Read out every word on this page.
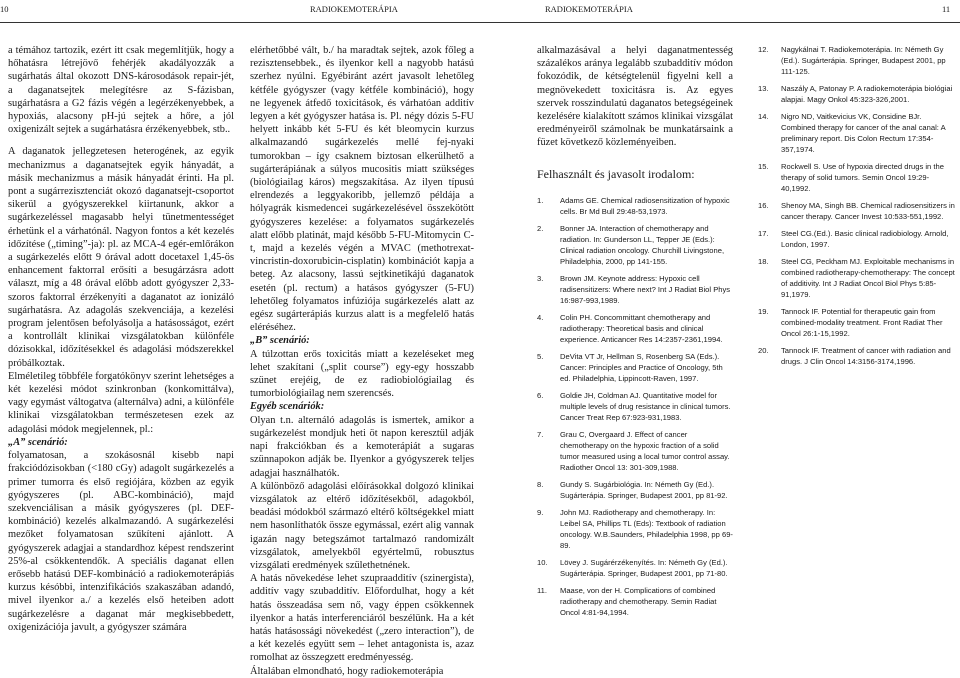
10	RADIOKEMOTERÁPIA

a témához tartozik, ezért itt csak megemlítjük, hogy a hőhatásra létrejövő fehérjék akadályozzák a sugárhatás által okozott DNS-károsodások repair-jét, a daganatsejtek melegítésre az S-fázisban, sugárhatásra a G2 fázis végén a legérzékenyebbek, a hypoxiás, alacsony pH-jú sejtek a hőre, a jól oxigenizált sejtek a sugárhatásra érzékenyebbek, stb..

A daganatok jellegzetesen heterogének, az egyik mechanizmus a daganatsejtek egyik hányadát, a másik mechanizmus a másik hányadát érinti. Ha pl. pont a sugárrezisztenciát okozó daganatsejt-csoportot sikerül a gyógyszerekkel kiirtanunk, akkor a sugárkezeléssel magasabb helyi tünetmentességet érhetünk el a várhatónál. Nagyon fontos a két kezelés időzítése („timing”-ja): pl. az MCA-4 egér-emlőrákon a sugárkezelés előtt 9 órával adott docetaxel 1,45-ös enhancement faktorral erősíti a besugárzásra adott választ, míg a 48 órával előbb adott gyógyszer 2,33-szoros faktorral érzékenyíti a daganatot az ionizáló sugárhatásra. Az adagolás szekvenciája, a kezelési program jelentősen befolyásolja a hatásosságot, ezért a kontrollált klinikai vizsgálatokban különféle dózisokkal, időzítésekkel és adagolási módszerekkel próbálkoztak.

Elméletileg többféle forgatókönyv szerint lehetséges a két kezelési módot szinkronban (konkomittálva), vagy egymást váltogatva (alternálva) adni, a különféle klinikai vizsgálatokban természetesen ezek az adagolási módok megjelennek, pl.:

„A” scenárió:

folyamatosan, a szokásosnál kisebb napi frakciódózisokban (<180 cGy) adagolt sugárkezelés a primer tumorra és első regiójára, közben az egyik gyógyszeres (pl. ABC-kombináció), majd szekvenciálisan a másik gyógyszeres (pl. DEF-kombináció) kezelés alkalmazandó. A sugárkezelési mezőket folyamatosan szűkíteni ajánlott. A gyógyszerek adagjai a standardhoz képest rendszerint 25%-al csökkentendők. A speciális daganat ellen erősebb hatású DEF-kombináció a radiokemoterápiás kurzus késóbbi, intenzifikációs szakaszában adandó, mivel ilyenkor a./ a kezelés első heteiben adott sugárkezelésre a daganat már megkisebbedett, oxigenizációja javult, a gyógyszer számára

elérhetőbbé vált, b./ ha maradtak sejtek, azok főleg a rezisztensebbek., és ilyenkor kell a nagyobb hatású szerhez nyúlni. Egyébiránt azért javasolt lehetőleg kétféle gyógyszer (vagy kétféle kombináció), hogy ne legyenek átfedő toxicitások, és várhatóan additív legyen a két gyógyszer hatása is. Pl. négy dózis 5-FU helyett inkább két 5-FU és két bleomycin kurzus alkalmazandó sugárkezelés mellé fej-nyaki tumorokban – így csaknem biztosan elkerülhető a sugárterápiának a súlyos mucositis miatt szükséges (biológiailag káros) megszakítása. Az ilyen típusú elrendezés a leggyakoribb, jellemző példája a hólyagrák kismedencei sugárkezelésével összekötött gyógyszeres kezelése: a folyamatos sugárkezelés alatt előbb platinát, majd később 5-FU-Mitomycin C-t, majd a kezelés végén a MVAC (methotrexat-vincristin-doxorubicin-cisplatin) kombinációt kapja a beteg. Az alacsony, lassú sejtkinetikájú daganatok esetén (pl. rectum) a hatásos gyógyszer (5-FU) lehetőleg folyamatos infúziója sugárkezelés alatt az egész sugárterápiás kurzus alatt is a megfelelő hatás eléréséhez.

„B” scenárió:

A túlzottan erős toxicitás miatt a kezeléseket meg lehet szakítani („split course”) egy-egy hosszabb szünet erejéig, de ez radiobiológiailag és tumorbiológiailag nem szerencsés.

Egyéb scenáriók:

Olyan t.n. alternáló adagolás is ismertek, amikor a sugárkezelést mondjuk heti öt napon keresztül adják napi frakciókban és a kemoterápiát a sugaras szünnapokon adják be. Ilyenkor a gyógyszerek teljes adagjai használhatók.

A különböző adagolási előírásokkal dolgozó klinikai vizsgálatok az eltérő időzítésekből, adagokból, beadási módokból származó eltérő költségekkel miatt nem hasonlíthatók össze egymással, ezért alig vannak igazán nagy betegszámot tartalmazó randomizált vizsgálatok, amelyekből egyértelmű, robusztus vizsgálati eredmények születhetnének.

A hatás növekedése lehet szupraadditív (szinergista), additív vagy szubadditív. Előfordulhat, hogy a két hatás összeadása sem nő, vagy éppen csökkennek ilyenkor a hatás interferenciáról beszélünk. Ha a két hatás hatásossági növekedést („zero interaction”), de a két kezelés együtt sem – lehet antagonista is, azaz romolhat az összegzett eredményesség.

Általában elmondható, hogy radiokemoterápia

RADIOKEMOTERÁPIA	11

alkalmazásával a helyi daganatmentesség százalékos aránya legalább szubadditív módon fokozódik, de kétségtelenül figyelni kell a megnövekedett toxicitásra is. Az egyes szervek rosszindulatú daganatos betegségeinek kezelésére kialakított számos klinikai vizsgálat eredményeiről számolnak be munkatársaink a füzet következő közleményeiben.

Felhasznált és javasolt irodalom:
1. Adams GE. Chemical radiosensitization of hypoxic cells. Br Md Bull 29:48-53,1973.
2. Bonner JA. Interaction of chemotherapy and radiation. In: Gunderson LL, Tepper JE (Eds.): Clinical radiation oncology. Churchill Livingstone, Philadelphia, 2000, pp 141-155.
3. Brown JM. Keynote address: Hypoxic cell radisensitizers: Where next? Int J Radiat Biol Phys 16:987-993,1989.
4. Colin PH. Concommittant chemotherapy and radiotherapy: Theoretical basis and clinical experience. Anticancer Res 14:2357-2361,1994.
5. DeVita VT Jr, Hellman S, Rosenberg SA (Eds.). Cancer: Principles and Practice of Oncology, 5th ed. Philadelphia, Lippincott-Raven, 1997.
6. Goldie JH, Coldman AJ. Quantitative model for multiple levels of drug resistance in clinical tumors. Cancer Treat Rep 67:923-931,1983.
7. Grau C, Overgaard J. Effect of cancer chemotherapy on the hypoxic fraction of a solid tumor measured using a local tumor control assay. Radiother Oncol 13: 301-309,1988.
8. Gundy S. Sugárbiológia. In: Németh Gy (Ed.). Sugárterápia. Springer, Budapest 2001, pp 81-92.
9. John MJ. Radiotherapy and chemotherapy. In: Leibel SA, Phillips TL (Eds): Textbook of radiation oncology. W.B.Saunders, Philadelphia 1998, pp 69-89.
10. Lövey J. Sugárérzékenyítés. In: Németh Gy (Ed.). Sugárterápia. Springer, Budapest 2001, pp 71-80.
11. Maase, von der H. Complications of combined radiotherapy and chemotherapy. Semin Radiat Oncol 4:81-94,1994.
12. Nagykálnai T. Radiokemoterápia. In: Németh Gy (Ed.). Sugárterápia. Springer, Budapest 2001, pp 111-125.
13. Naszály A, Patonay P. A radiokemoterápia biológiai alapjai. Magy Onkol 45:323-326,2001.
14. Nigro ND, Vaitkevicius VK, Considine BJr. Combined therapy for cancer of the anal canal: A preliminary report. Dis Colon Rectum 17:354-357,1974.
15. Rockwell S. Use of hypoxia directed drugs in the therapy of solid tumors. Semin Oncol 19:29-40,1992.
16. Shenoy MA, Singh BB. Chemical radiosensitizers in cancer therapy. Cancer Invest 10:533-551,1992.
17. Steel CG.(Ed.). Basic clinical radiobiology. Arnold, London, 1997.
18. Steel CG, Peckham MJ. Exploitable mechanisms in combined radiotherapy-chemotherapy: The concept of additivity. Int J Radiat Oncol Biol Phys 5:85-91,1979.
19. Tannock IF. Potential for therapeutic gain from combined-modality treatment. Front Radiat Ther Oncol 26:1-15,1992.
20. Tannock IF. Treatment of cancer with radiation and drugs. J Clin Oncol 14:3156-3174,1996.
